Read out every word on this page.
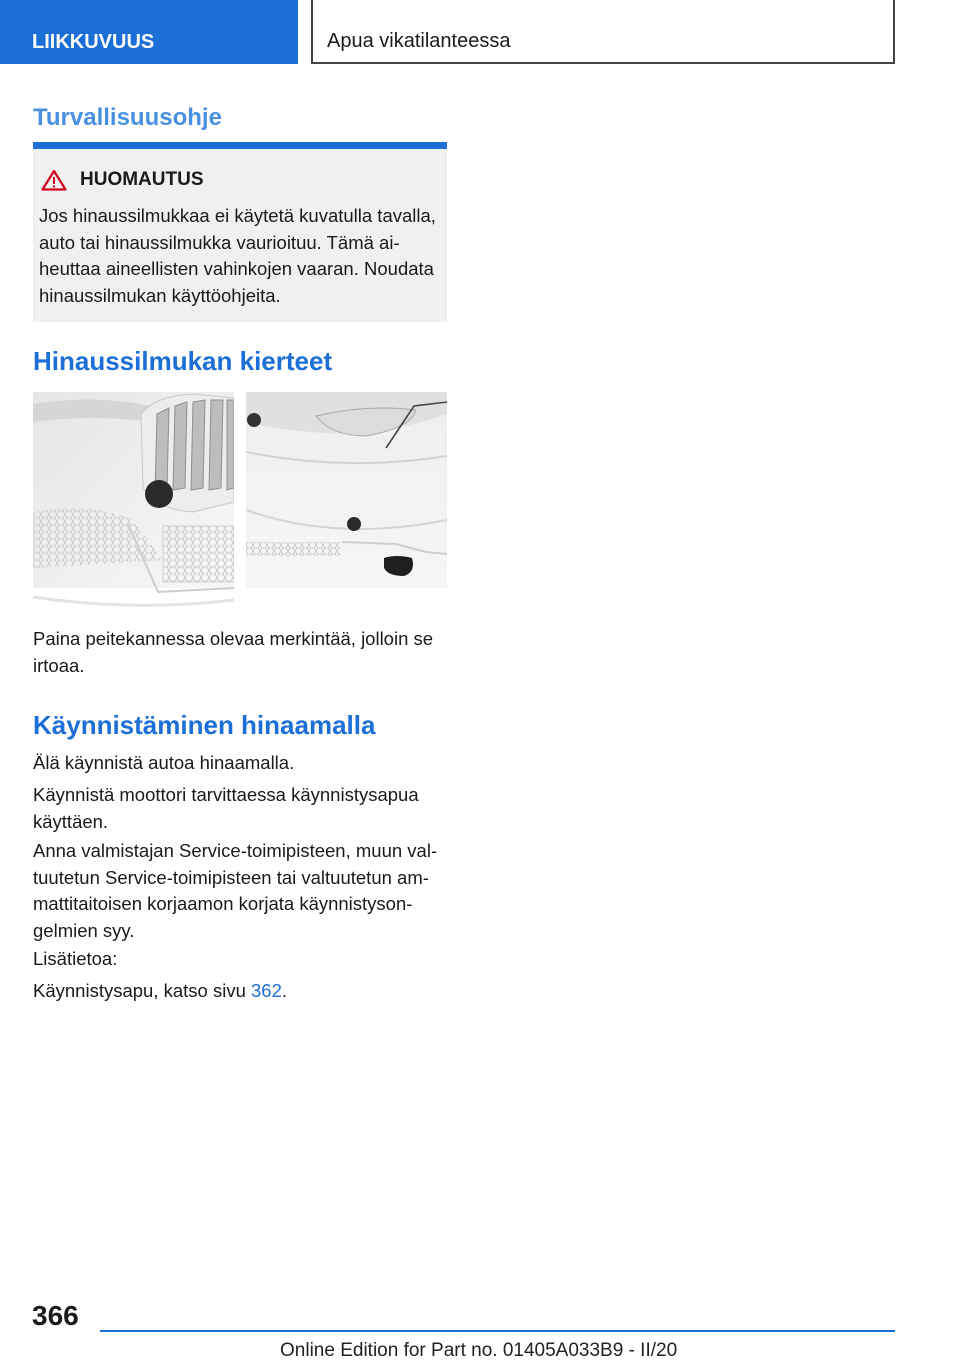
LIIKKUVUUS	Apua vikatilanteessa
Turvallisuusohje
HUOMAUTUS

Jos hinaussilmukkaa ei käytetä kuvatulla tavalla, auto tai hinaussilmukka vaurioituu. Tämä aiheuttaa aineellisten vahinkojen vaaran. Noudata hinaussilmukan käyttöohjeita.

Hinaussilmukan kierteet

Paina peitekannessa olevaa merkintää, jolloin se irtoaa.

Käynnistäminen hinaamalla

Älä käynnistä autoa hinaamalla.

Käynnistä moottori tarvittaessa käynnistysapua käyttäen.

Anna valmistajan Service-toimipisteen, muun valtuutetun Service-toimipisteen tai valtuutetun ammattitaitoisen korjaamon korjata käynnistysongelmien syy.

Lisätietoa:

Käynnistysapu, katso sivu 362.

366
Online Edition for Part no. 01405A033B9 - II/20
